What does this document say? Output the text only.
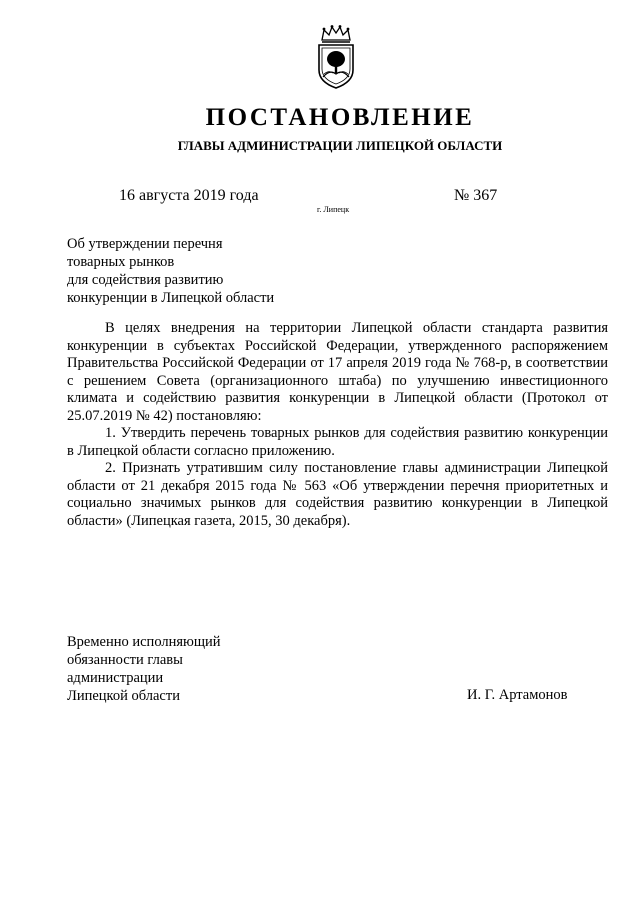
ПОСТАНОВЛЕНИЕ
ГЛАВЫ АДМИНИСТРАЦИИ ЛИПЕЦКОЙ ОБЛАСТИ
16 августа 2019 года
г. Липецк
№ 367
Об утверждении перечня
товарных рынков
для содействия развитию
конкуренции в Липецкой области

В целях внедрения на территории Липецкой области стандарта развития конкуренции в субъектах Российской Федерации, утвержденного распоряжением Правительства Российской Федерации от 17 апреля 2019 года № 768-р, в соответствии с решением Совета (организационного штаба) по улучшению инвестиционного климата и содействию развития конкуренции в Липецкой области (Протокол от 25.07.2019 № 42) постановляю:

1. Утвердить перечень товарных рынков для содействия развитию конкуренции в Липецкой области согласно приложению.

2. Признать утратившим силу постановление главы администрации Липецкой области от 21 декабря 2015 года № 563 «Об утверждении перечня приоритетных и социально значимых рынков для содействия развитию конкуренции в Липецкой области» (Липецкая газета, 2015, 30 декабря).

Временно исполняющий
обязанности главы
администрации
Липецкой области	И. Г. Артамонов
